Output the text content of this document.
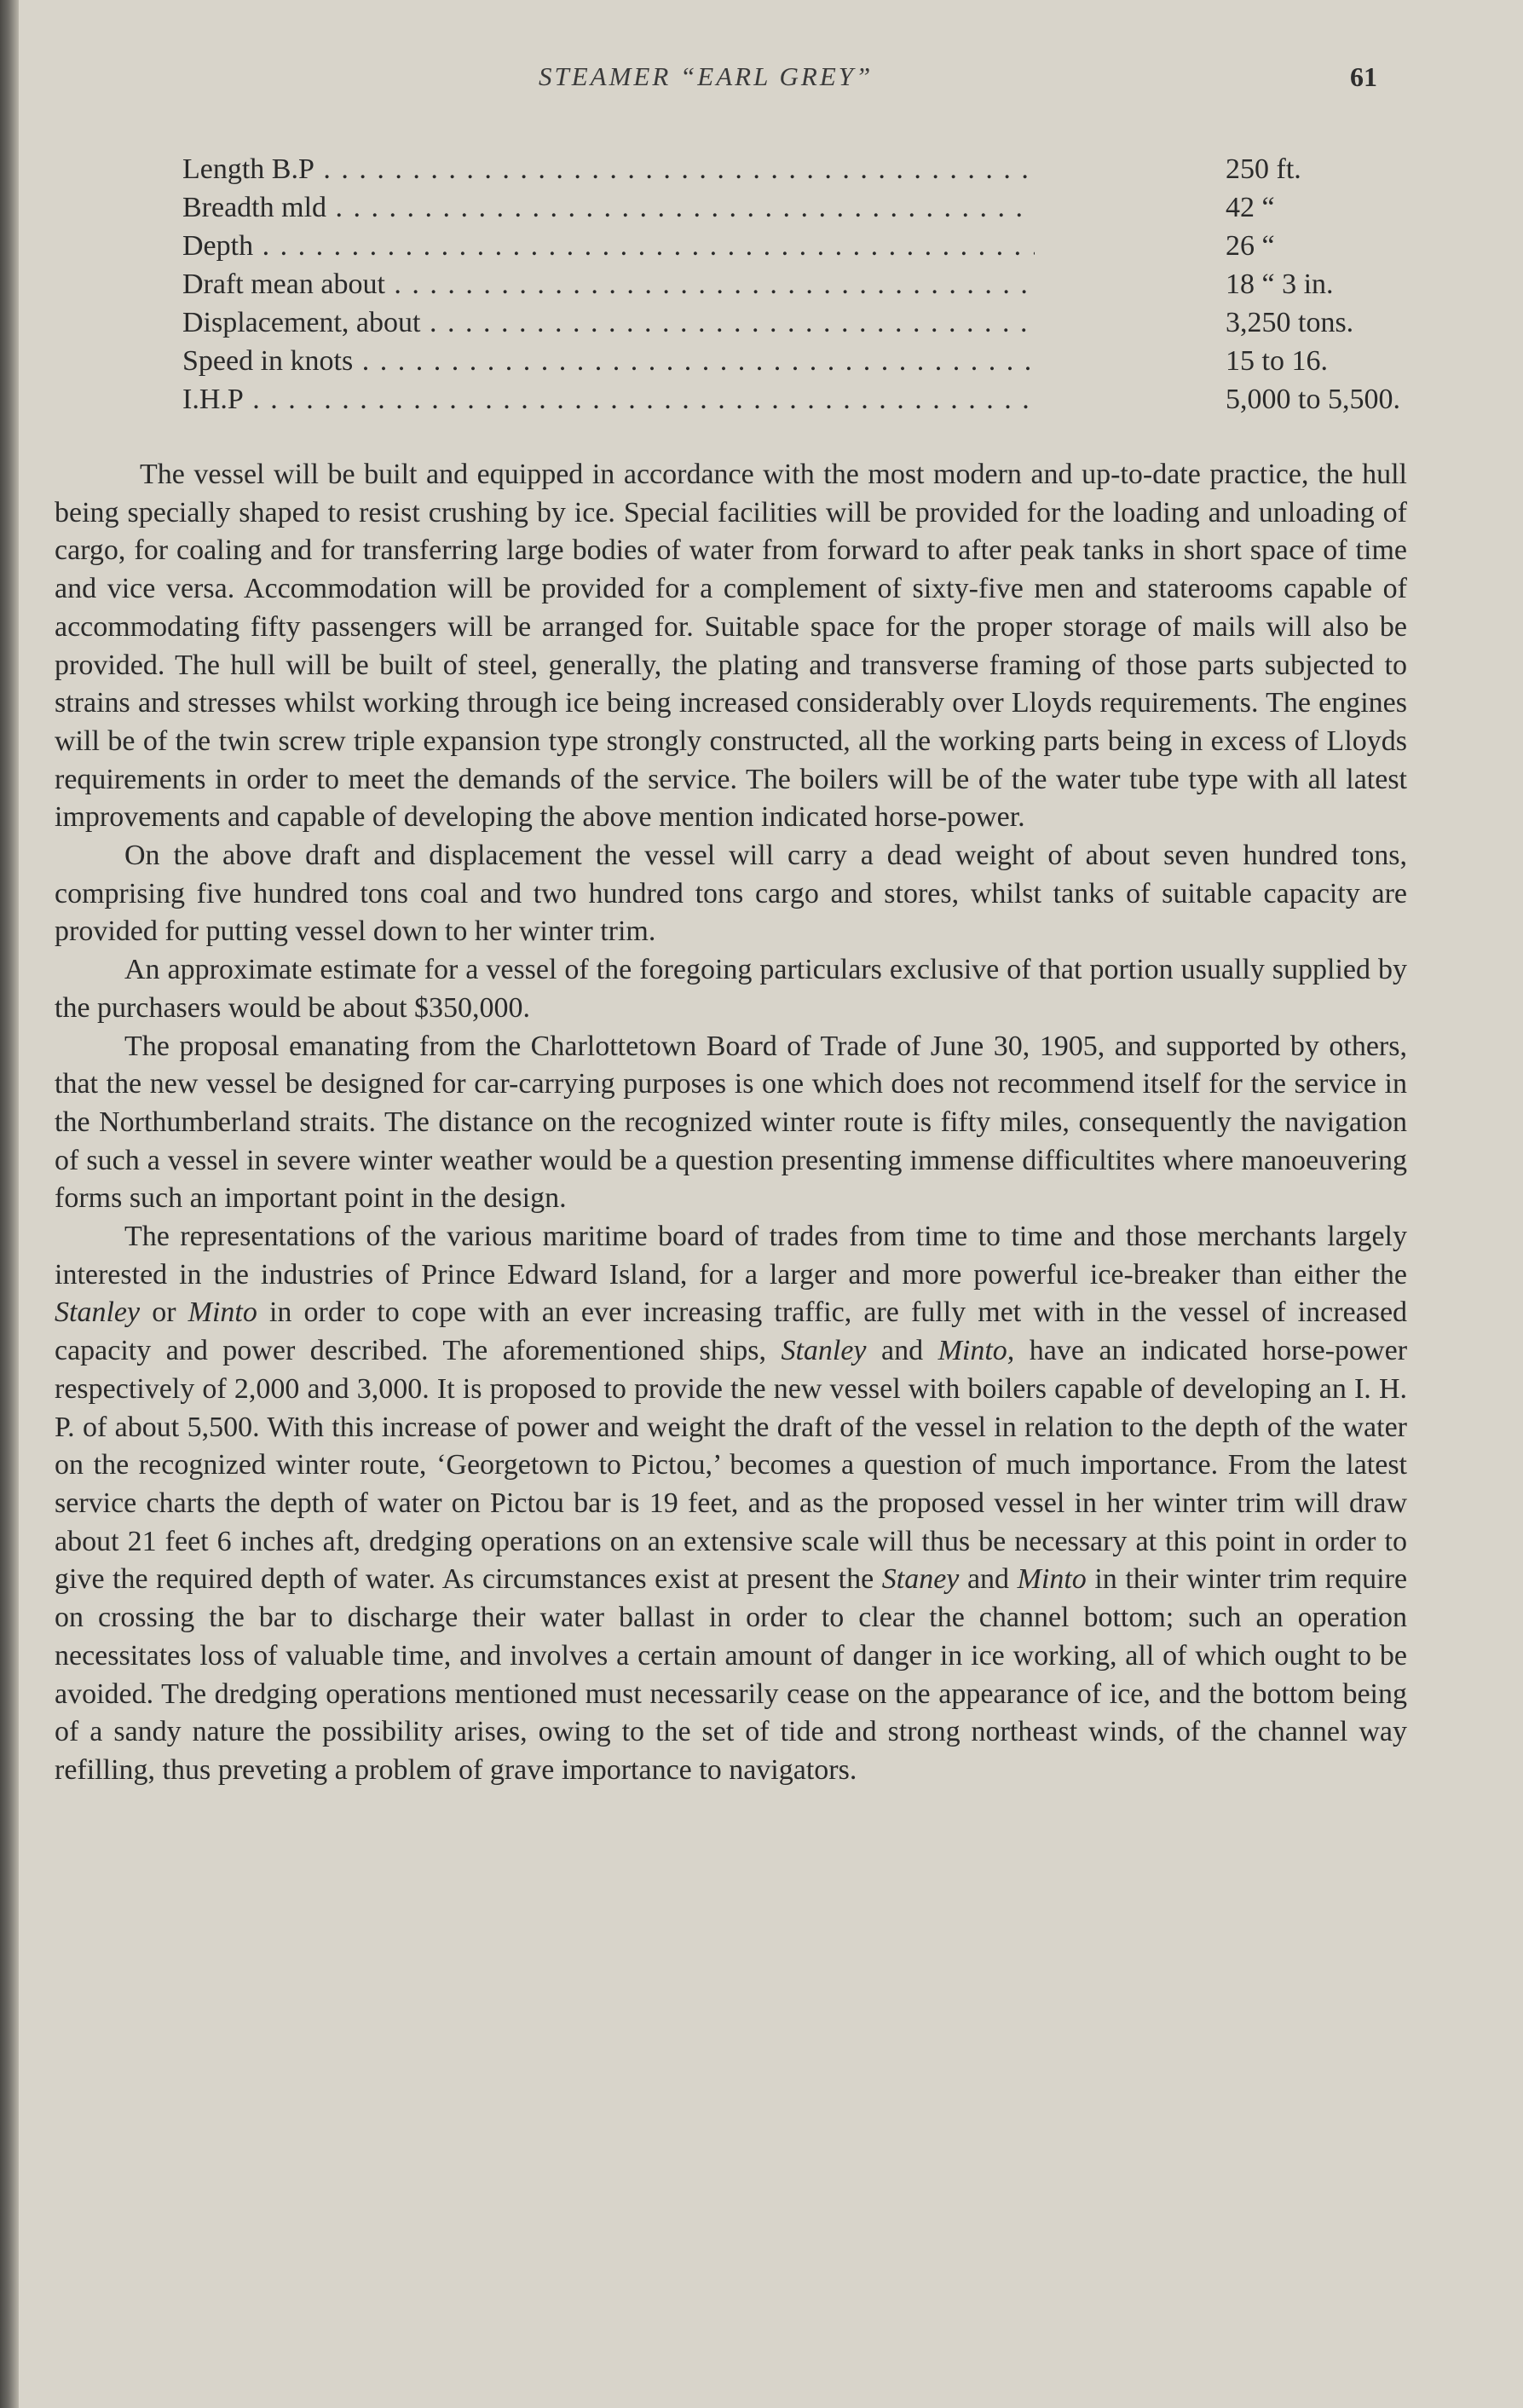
STEAMER “EARL GREY”	61
Length B.P . . .	250 ft.
Breadth mld . . .	42 “
Depth . . .	26 “
Draft mean about . . .	18 “ 3 in.
Displacement, about . . .	3,250 tons.
Speed in knots . . .	15 to 16.
I.H.P . . .	5,000 to 5,500.

The vessel will be built and equipped in accordance with the most modern and up-to-date practice, the hull being specially shaped to resist crushing by ice. Special facilities will be provided for the loading and unloading of cargo, for coaling and for transferring large bodies of water from forward to after peak tanks in short space of time and vice versa. Accommodation will be provided for a complement of sixty-five men and staterooms capable of accommodating fifty passengers will be arranged for. Suitable space for the proper storage of mails will also be provided. The hull will be built of steel, generally, the plating and transverse framing of those parts subjected to strains and stresses whilst working through ice being increased considerably over Lloyds requirements. The engines will be of the twin screw triple expansion type strongly constructed, all the working parts being in excess of Lloyds requirements in order to meet the demands of the service. The boilers will be of the water tube type with all latest improvements and capable of developing the above mention indicated horse-power.

On the above draft and displacement the vessel will carry a dead weight of about seven hundred tons, comprising five hundred tons coal and two hundred tons cargo and stores, whilst tanks of suitable capacity are provided for putting vessel down to her winter trim.

An approximate estimate for a vessel of the foregoing particulars exclusive of that portion usually supplied by the purchasers would be about $350,000.

The proposal emanating from the Charlottetown Board of Trade of June 30, 1905, and supported by others, that the new vessel be designed for car-carrying purposes is one which does not recommend itself for the service in the Northumberland straits. The distance on the recognized winter route is fifty miles, consequently the navigation of such a vessel in severe winter weather would be a question presenting immense difficultites where manoeuvering forms such an important point in the design.

The representations of the various maritime board of trades from time to time and those merchants largely interested in the industries of Prince Edward Island, for a larger and more powerful ice-breaker than either the Stanley or Minto in order to cope with an ever increasing traffic, are fully met with in the vessel of increased capacity and power described. The aforementioned ships, Stanley and Minto, have an indicated horse-power respectively of 2,000 and 3,000. It is proposed to provide the new vessel with boilers capable of developing an I. H. P. of about 5,500. With this increase of power and weight the draft of the vessel in relation to the depth of the water on the recognized winter route, ‘Georgetown to Pictou,’ becomes a question of much importance. From the latest service charts the depth of water on Pictou bar is 19 feet, and as the proposed vessel in her winter trim will draw about 21 feet 6 inches aft, dredging operations on an extensive scale will thus be necessary at this point in order to give the required depth of water. As circumstances exist at present the Staney and Minto in their winter trim require on crossing the bar to discharge their water ballast in order to clear the channel bottom; such an operation necessitates loss of valuable time, and involves a certain amount of danger in ice working, all of which ought to be avoided. The dredging operations mentioned must necessarily cease on the appearance of ice, and the bottom being of a sandy nature the possibility arises, owing to the set of tide and strong northeast winds, of the channel way refilling, thus preveting a problem of grave importance to navigators.
